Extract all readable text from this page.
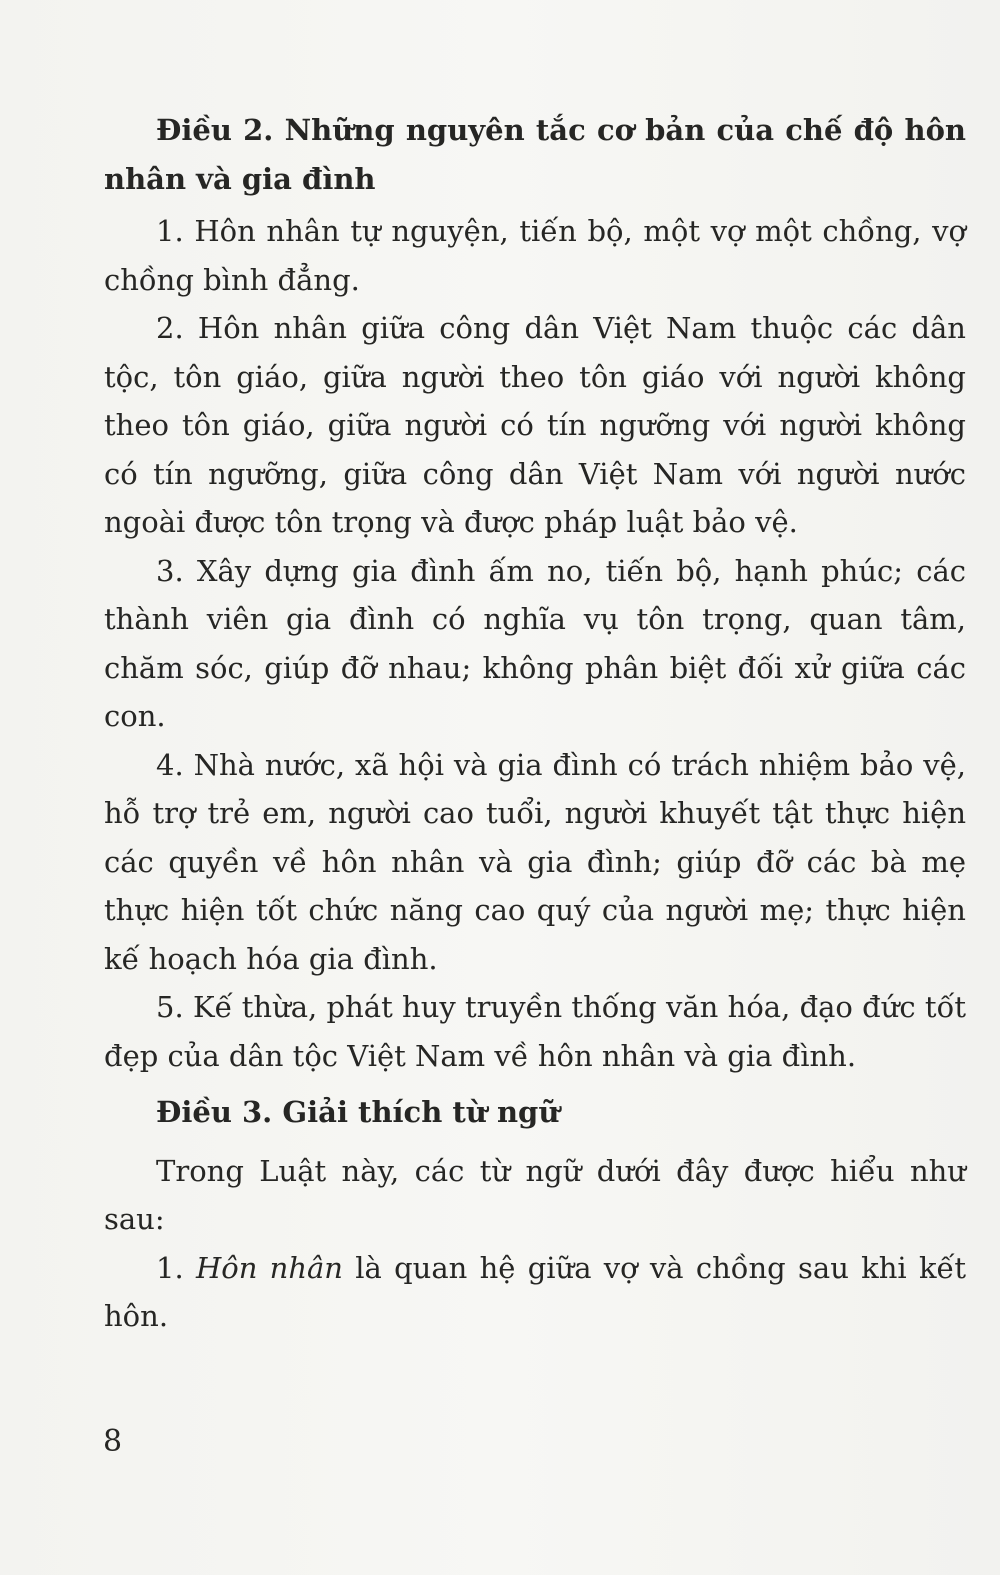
Điều 2. Những nguyên tắc cơ bản của chế độ hôn nhân và gia đình

1. Hôn nhân tự nguyện, tiến bộ, một vợ một chồng, vợ chồng bình đẳng.

2. Hôn nhân giữa công dân Việt Nam thuộc các dân tộc, tôn giáo, giữa người theo tôn giáo với người không theo tôn giáo, giữa người có tín ngưỡng với người không có tín ngưỡng, giữa công dân Việt Nam với người nước ngoài được tôn trọng và được pháp luật bảo vệ.

3. Xây dựng gia đình ấm no, tiến bộ, hạnh phúc; các thành viên gia đình có nghĩa vụ tôn trọng, quan tâm, chăm sóc, giúp đỡ nhau; không phân biệt đối xử giữa các con.

4. Nhà nước, xã hội và gia đình có trách nhiệm bảo vệ, hỗ trợ trẻ em, người cao tuổi, người khuyết tật thực hiện các quyền về hôn nhân và gia đình; giúp đỡ các bà mẹ thực hiện tốt chức năng cao quý của người mẹ; thực hiện kế hoạch hóa gia đình.

5. Kế thừa, phát huy truyền thống văn hóa, đạo đức tốt đẹp của dân tộc Việt Nam về hôn nhân và gia đình.

Điều 3. Giải thích từ ngữ

Trong Luật này, các từ ngữ dưới đây được hiểu như sau:

1. Hôn nhân là quan hệ giữa vợ và chồng sau khi kết hôn.

8
